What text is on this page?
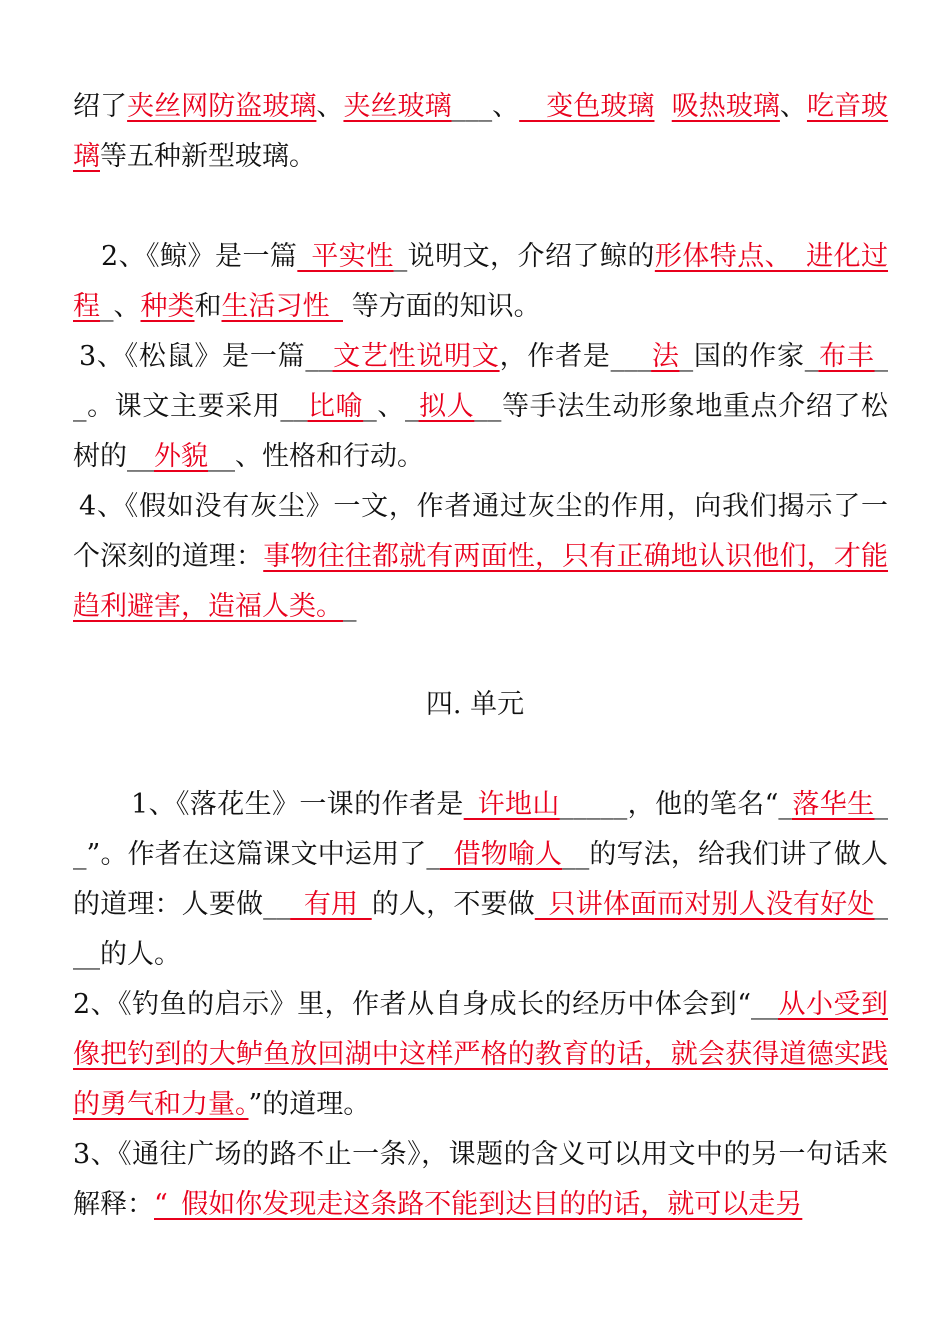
绍了夹丝网防盗玻璃、夹丝玻璃___、__变色玻璃 吸热玻璃、吃音玻璃等五种新型玻璃。

2、《鲸》是一篇_平实性_说明文，介绍了鲸的形体特点、_进化过程_、种类和生活习性_ 等方面的知识。

3、《松鼠》是一篇__文艺性说明文，作者是___法_国的作家_布丰__。课文主要采用__比喻_、_拟人__等手法生动形象地重点介绍了松树的__外貌__、性格和行动。

4、《假如没有灰尘》一文，作者通过灰尘的作用，向我们揭示了一个深刻的道理：事物往往都就有两面性，只有正确地认识他们，才能趋利避害，造福人类。_

四. 单元

1、《落花生》一课的作者是_许地山_____，他的笔名“_落华生__”。作者在这篇课文中运用了__借物喻人__的写法，给我们讲了做人的道理：人要做___有用_的人，不要做_只讲体面而对别人没有好处___的人。

2、《钓鱼的启示》里，作者从自身成长的经历中体会到“__从小受到像把钓到的大鲈鱼放回湖中这样严格的教育的话，就会获得道德实践的勇气和力量。”的道理。

3、《通往广场的路不止一条》，课题的含义可以用文中的另一句话来解释：“_假如你发现走这条路不能到达目的的话，就可以走另
